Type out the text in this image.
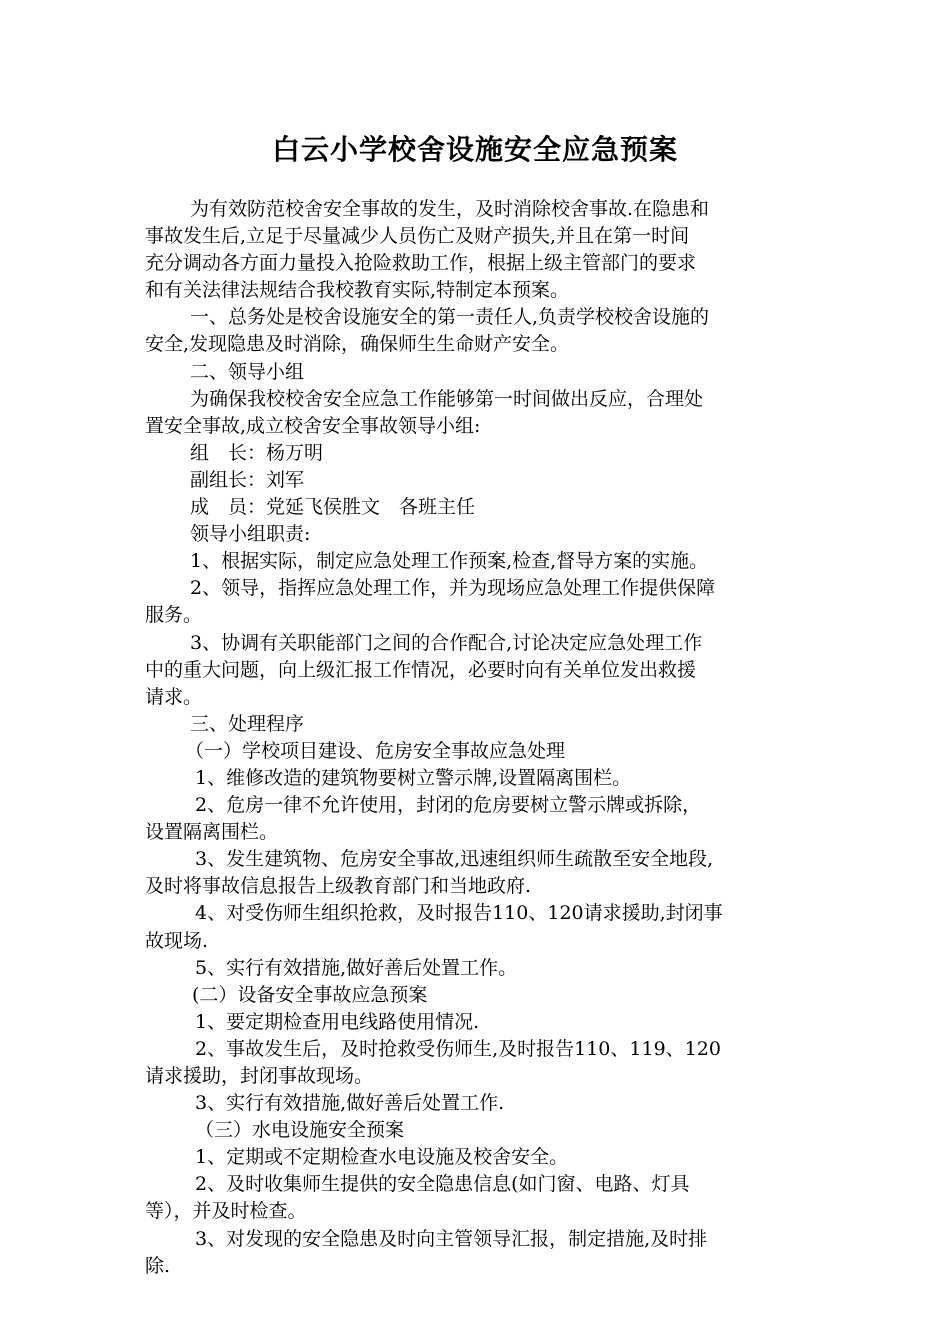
白云小学校舍设施安全应急预案
为有效防范校舍安全事故的发生，及时消除校舍事故.在隐患和
事故发生后,立足于尽量减少人员伤亡及财产损失,并且在第一时间
充分调动各方面力量投入抢险救助工作，根据上级主管部门的要求
和有关法律法规结合我校教育实际,特制定本预案。
一、总务处是校舍设施安全的第一责任人,负责学校校舍设施的
安全,发现隐患及时消除，确保师生生命财产安全。
二、领导小组
为确保我校校舍安全应急工作能够第一时间做出反应，合理处
置安全事故,成立校舍安全事故领导小组:
组　长：杨万明
副组长：刘军
成　员：党延飞侯胜文　各班主任
领导小组职责:
1、根据实际，制定应急处理工作预案,检查,督导方案的实施。
2、领导，指挥应急处理工作，并为现场应急处理工作提供保障
服务。
3、协调有关职能部门之间的合作配合,讨论决定应急处理工作
中的重大问题，向上级汇报工作情况，必要时向有关单位发出救援
请求。
三、处理程序
（一）学校项目建设、危房安全事故应急处理
1、维修改造的建筑物要树立警示牌,设置隔离围栏。
2、危房一律不允许使用，封闭的危房要树立警示牌或拆除，
设置隔离围栏。
3、发生建筑物、危房安全事故,迅速组织师生疏散至安全地段,
及时将事故信息报告上级教育部门和当地政府.
4、对受伤师生组织抢救，及时报告110、120请求援助,封闭事
故现场.
5、实行有效措施,做好善后处置工作。
(二）设备安全事故应急预案
1、要定期检查用电线路使用情况.
2、事故发生后，及时抢救受伤师生,及时报告110、119、120
请求援助，封闭事故现场。
3、实行有效措施,做好善后处置工作.
（三）水电设施安全预案
1、定期或不定期检查水电设施及校舍安全。
2、及时收集师生提供的安全隐患信息(如门窗、电路、灯具
等），并及时检查。
3、对发现的安全隐患及时向主管领导汇报，制定措施,及时排
除.
